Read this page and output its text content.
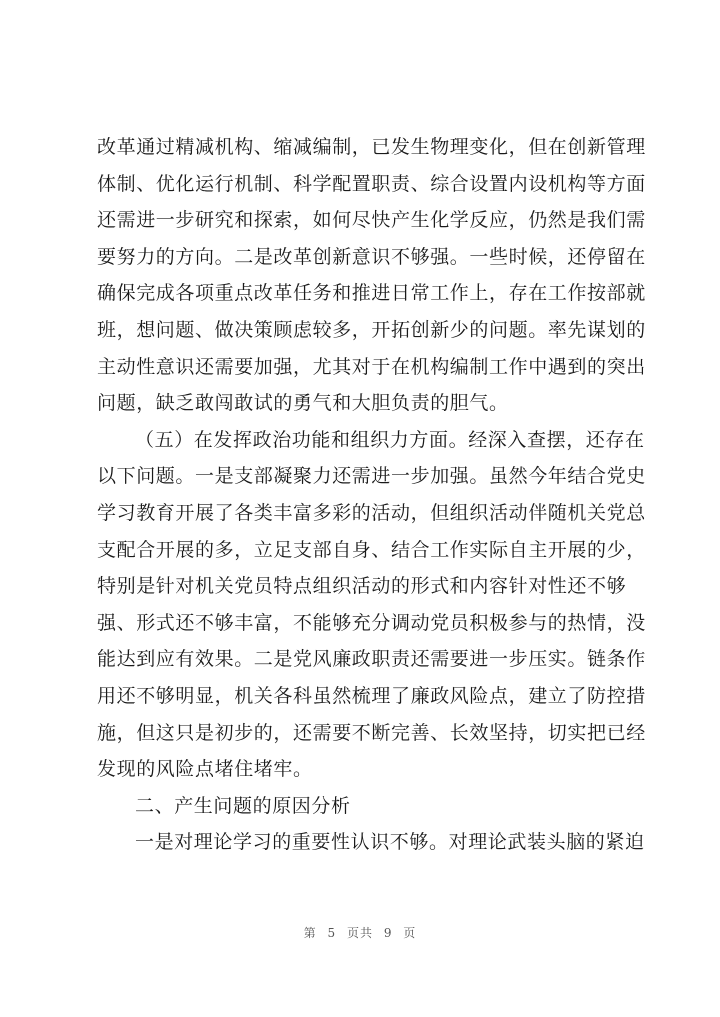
改革通过精减机构、缩减编制，已发生物理变化，但在创新管理
体制、优化运行机制、科学配置职责、综合设置内设机构等方面
还需进一步研究和探索，如何尽快产生化学反应，仍然是我们需
要努力的方向。二是改革创新意识不够强。一些时候，还停留在
确保完成各项重点改革任务和推进日常工作上，存在工作按部就
班，想问题、做决策顾虑较多，开拓创新少的问题。率先谋划的
主动性意识还需要加强，尤其对于在机构编制工作中遇到的突出
问题，缺乏敢闯敢试的勇气和大胆负责的胆气。
（五）在发挥政治功能和组织力方面。经深入查摆，还存在
以下问题。一是支部凝聚力还需进一步加强。虽然今年结合党史
学习教育开展了各类丰富多彩的活动，但组织活动伴随机关党总
支配合开展的多，立足支部自身、结合工作实际自主开展的少，
特别是针对机关党员特点组织活动的形式和内容针对性还不够
强、形式还不够丰富，不能够充分调动党员积极参与的热情，没
能达到应有效果。二是党风廉政职责还需要进一步压实。链条作
用还不够明显，机关各科虽然梳理了廉政风险点，建立了防控措
施，但这只是初步的，还需要不断完善、长效坚持，切实把已经
发现的风险点堵住堵牢。
二、产生问题的原因分析
一是对理论学习的重要性认识不够。对理论武装头脑的紧迫
第 5 页共 9 页
